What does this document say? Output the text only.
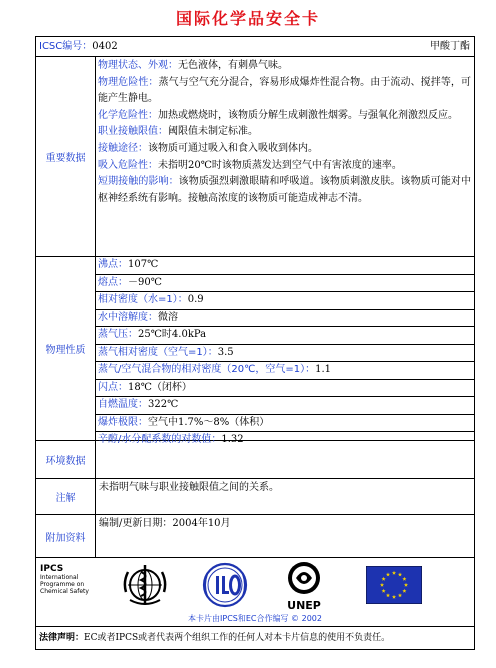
国际化学品安全卡
ICSC编号：0402	甲酸丁酯
重要数据
物理状态、外观：无色液体，有刺鼻气味。
物理危险性：蒸气与空气充分混合，容易形成爆炸性混合物。由于流动、搅拌等，可能产生静电。
化学危险性：加热或燃烧时，该物质分解生成刺激性烟雾。与强氧化剂激烈反应。
职业接触限值：阈限值未制定标准。
接触途径：该物质可通过吸入和食入吸收到体内。
吸入危险性：未指明20℃时该物质蒸发达到空气中有害浓度的速率。
短期接触的影响：该物质强烈刺激眼睛和呼吸道。该物质刺激皮肤。该物质可能对中枢神经系统有影响。接触高浓度的该物质可能造成神志不清。
物理性质
沸点：107℃
熔点：－90℃
相对密度（水=1）：0.9
水中溶解度：微溶
蒸气压：25℃时4.0kPa
蒸气相对密度（空气=1）：3.5
蒸气/空气混合物的相对密度（20℃，空气=1）：1.1
闪点：18℃（闭杯）
自燃温度：322℃
爆炸极限：空气中1.7%～8%（体积）
辛醇/水分配系数的对数值：1.32
环境数据
注解
未指明气味与职业接触限值之间的关系。
附加资料
编制/更新日期：2004年10月
IPCS
International
Programme on
Chemical Safety
UNEP
本卡片由IPCS和EC合作编写 © 2002
法律声明：EC或者IPCS或者代表两个组织工作的任何人对本卡片信息的使用不负责任。
